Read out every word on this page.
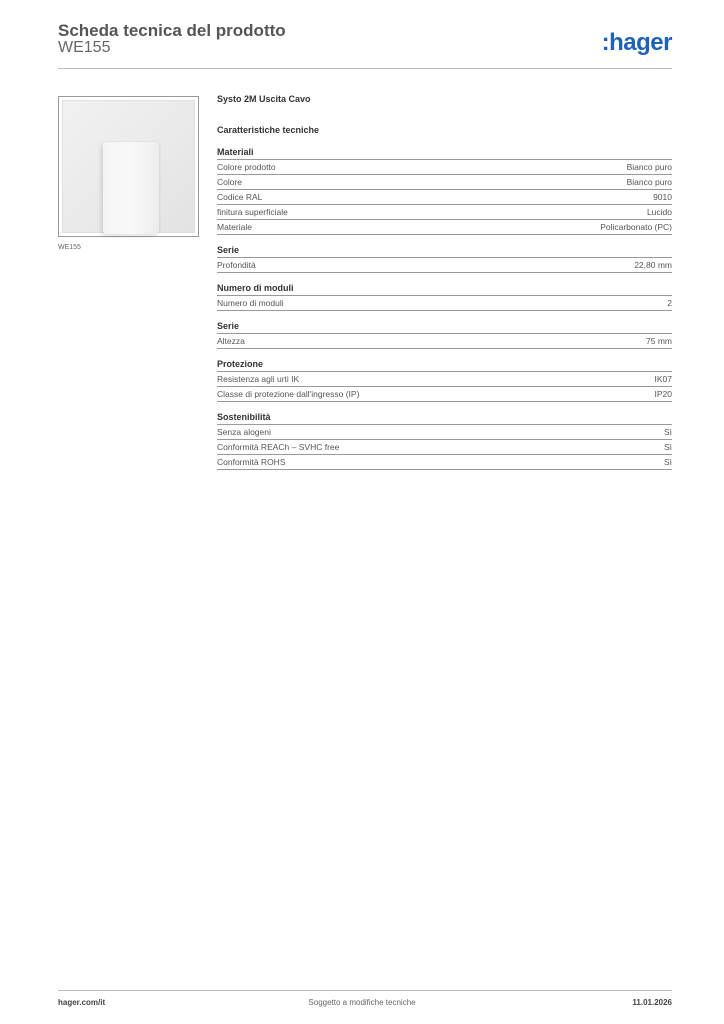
Scheda tecnica del prodotto
WE155	:hager
WE155
Systo 2M Uscita Cavo
Caratteristiche tecniche
Materiali
Colore prodotto	Bianco puro
Colore	Bianco puro
Codice RAL	9010
finitura superficiale	Lucido
Materiale	Policarbonato (PC)
Serie
Profondità	22,80 mm
Numero di moduli
Numero di moduli	2
Serie
Altezza	75 mm
Protezione
Resistenza agli urti IK	IK07
Classe di protezione dall'ingresso (IP)	IP20
Sostenibilità
Senza alogeni	Sì
Conformità REACh – SVHC free	Sì
Conformità ROHS	Sì
hager.com/it	Soggetto a modifiche tecniche	11.01.2026
